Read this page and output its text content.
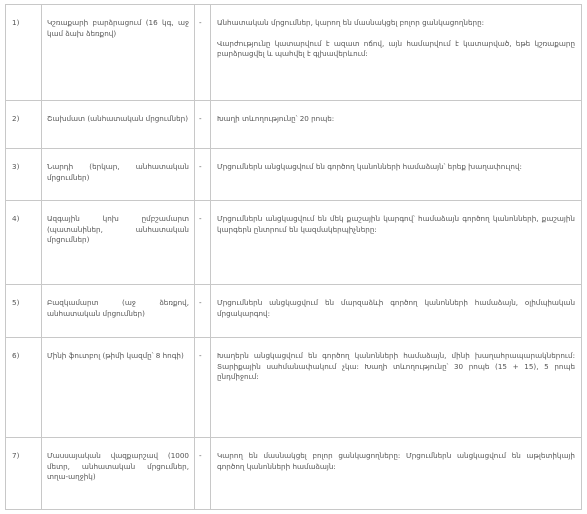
1)	Կշռաքարի բարձրացում (16 կգ, աջ կամ ձախ ձեռքով)	-	Անհատական մրցումներ, կարող են մասնակցել բոլոր ցանկացողները:

Վարժությունը կատարվում է ազատ ոճով, այն համարվում է կատարված, եթե կշռաքարը բարձրացվել և պահվել է գլխավերևում:

2)	Շախմատ (անհատական մրցումներ)	-	Խաղի տևողությունը՝ 20 րոպե:

3)	Նարդի (երկար, անհատական մրցումներ)	-	Մրցումներն անցկացվում են գործող կանոնների համաձայն՝ երեք խաղափուլով:

4)	Ազգային կոխ ըմբշամարտ (պատանիներ, անհատական մրցումներ)	-	Մրցումներն անցկացվում են մեկ քաշային կարգով՝ համաձայն գործող կանոնների, քաշային կարգերն ընտրում են կազմակերպիչները:

5)	Բազկամարտ (աջ ձեռքով, անհատական մրցումներ)	-	Մրցումներն անցկացվում են մարզաձևի գործող կանոնների համաձայն, օլիմպիական մրցակարգով:

6)	Մինի ֆուտբոլ (թիմի կազմը՝ 8 հոգի)	-	Խաղերն անցկացվում են գործող կանոնների համաձայն, մինի խաղահրապարակներում: Տարիքային սահմանափակում չկա: Խաղի տևողությունը՝ 30 րոպե (15 + 15), 5 րոպե ընդմիջում:

7)	Մասսայական վազքարշավ (1000 մետր, անհատական մրցումներ, տղա-աղջիկ)	-	Կարող են մասնակցել բոլոր ցանկացողները: Մրցումներն անցկացվում են աթլետիկայի գործող կանոնների համաձայն:
